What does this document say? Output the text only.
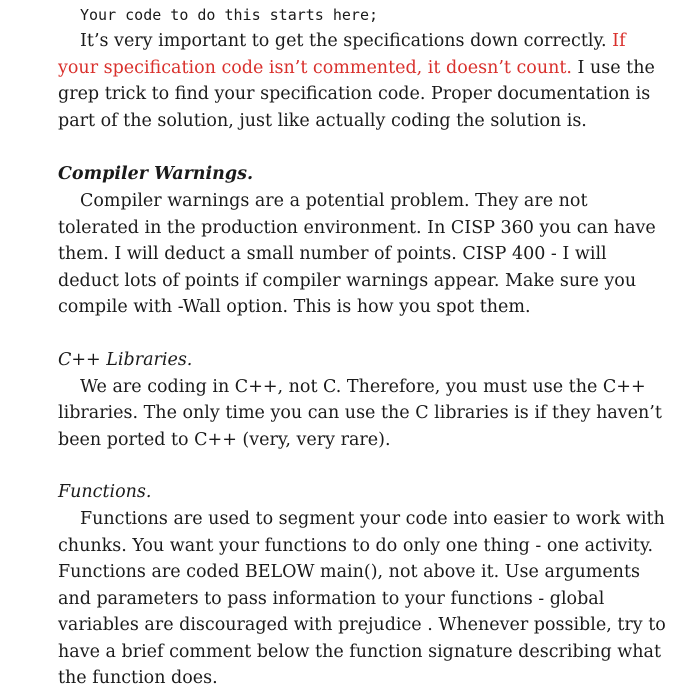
Your code to do this starts here;

It’s very important to get the specifications down correctly. If your specification code isn’t commented, it doesn’t count. I use the grep trick to find your specification code. Proper documentation is part of the solution, just like actually coding the solution is.

Compiler Warnings.

Compiler warnings are a potential problem. They are not tolerated in the production environment. In CISP 360 you can have them. I will deduct a small number of points. CISP 400 - I will deduct lots of points if compiler warnings appear. Make sure you compile with -Wall option. This is how you spot them.

C++ Libraries.

We are coding in C++, not C. Therefore, you must use the C++ libraries. The only time you can use the C libraries is if they haven’t been ported to C++ (very, very rare).

Functions.

Functions are used to segment your code into easier to work with chunks. You want your functions to do only one thing - one activity. Functions are coded BELOW main(), not above it. Use arguments and parameters to pass information to your functions - global variables are discouraged with prejudice . Whenever possible, try to have a brief comment below the function signature describing what the function does.
